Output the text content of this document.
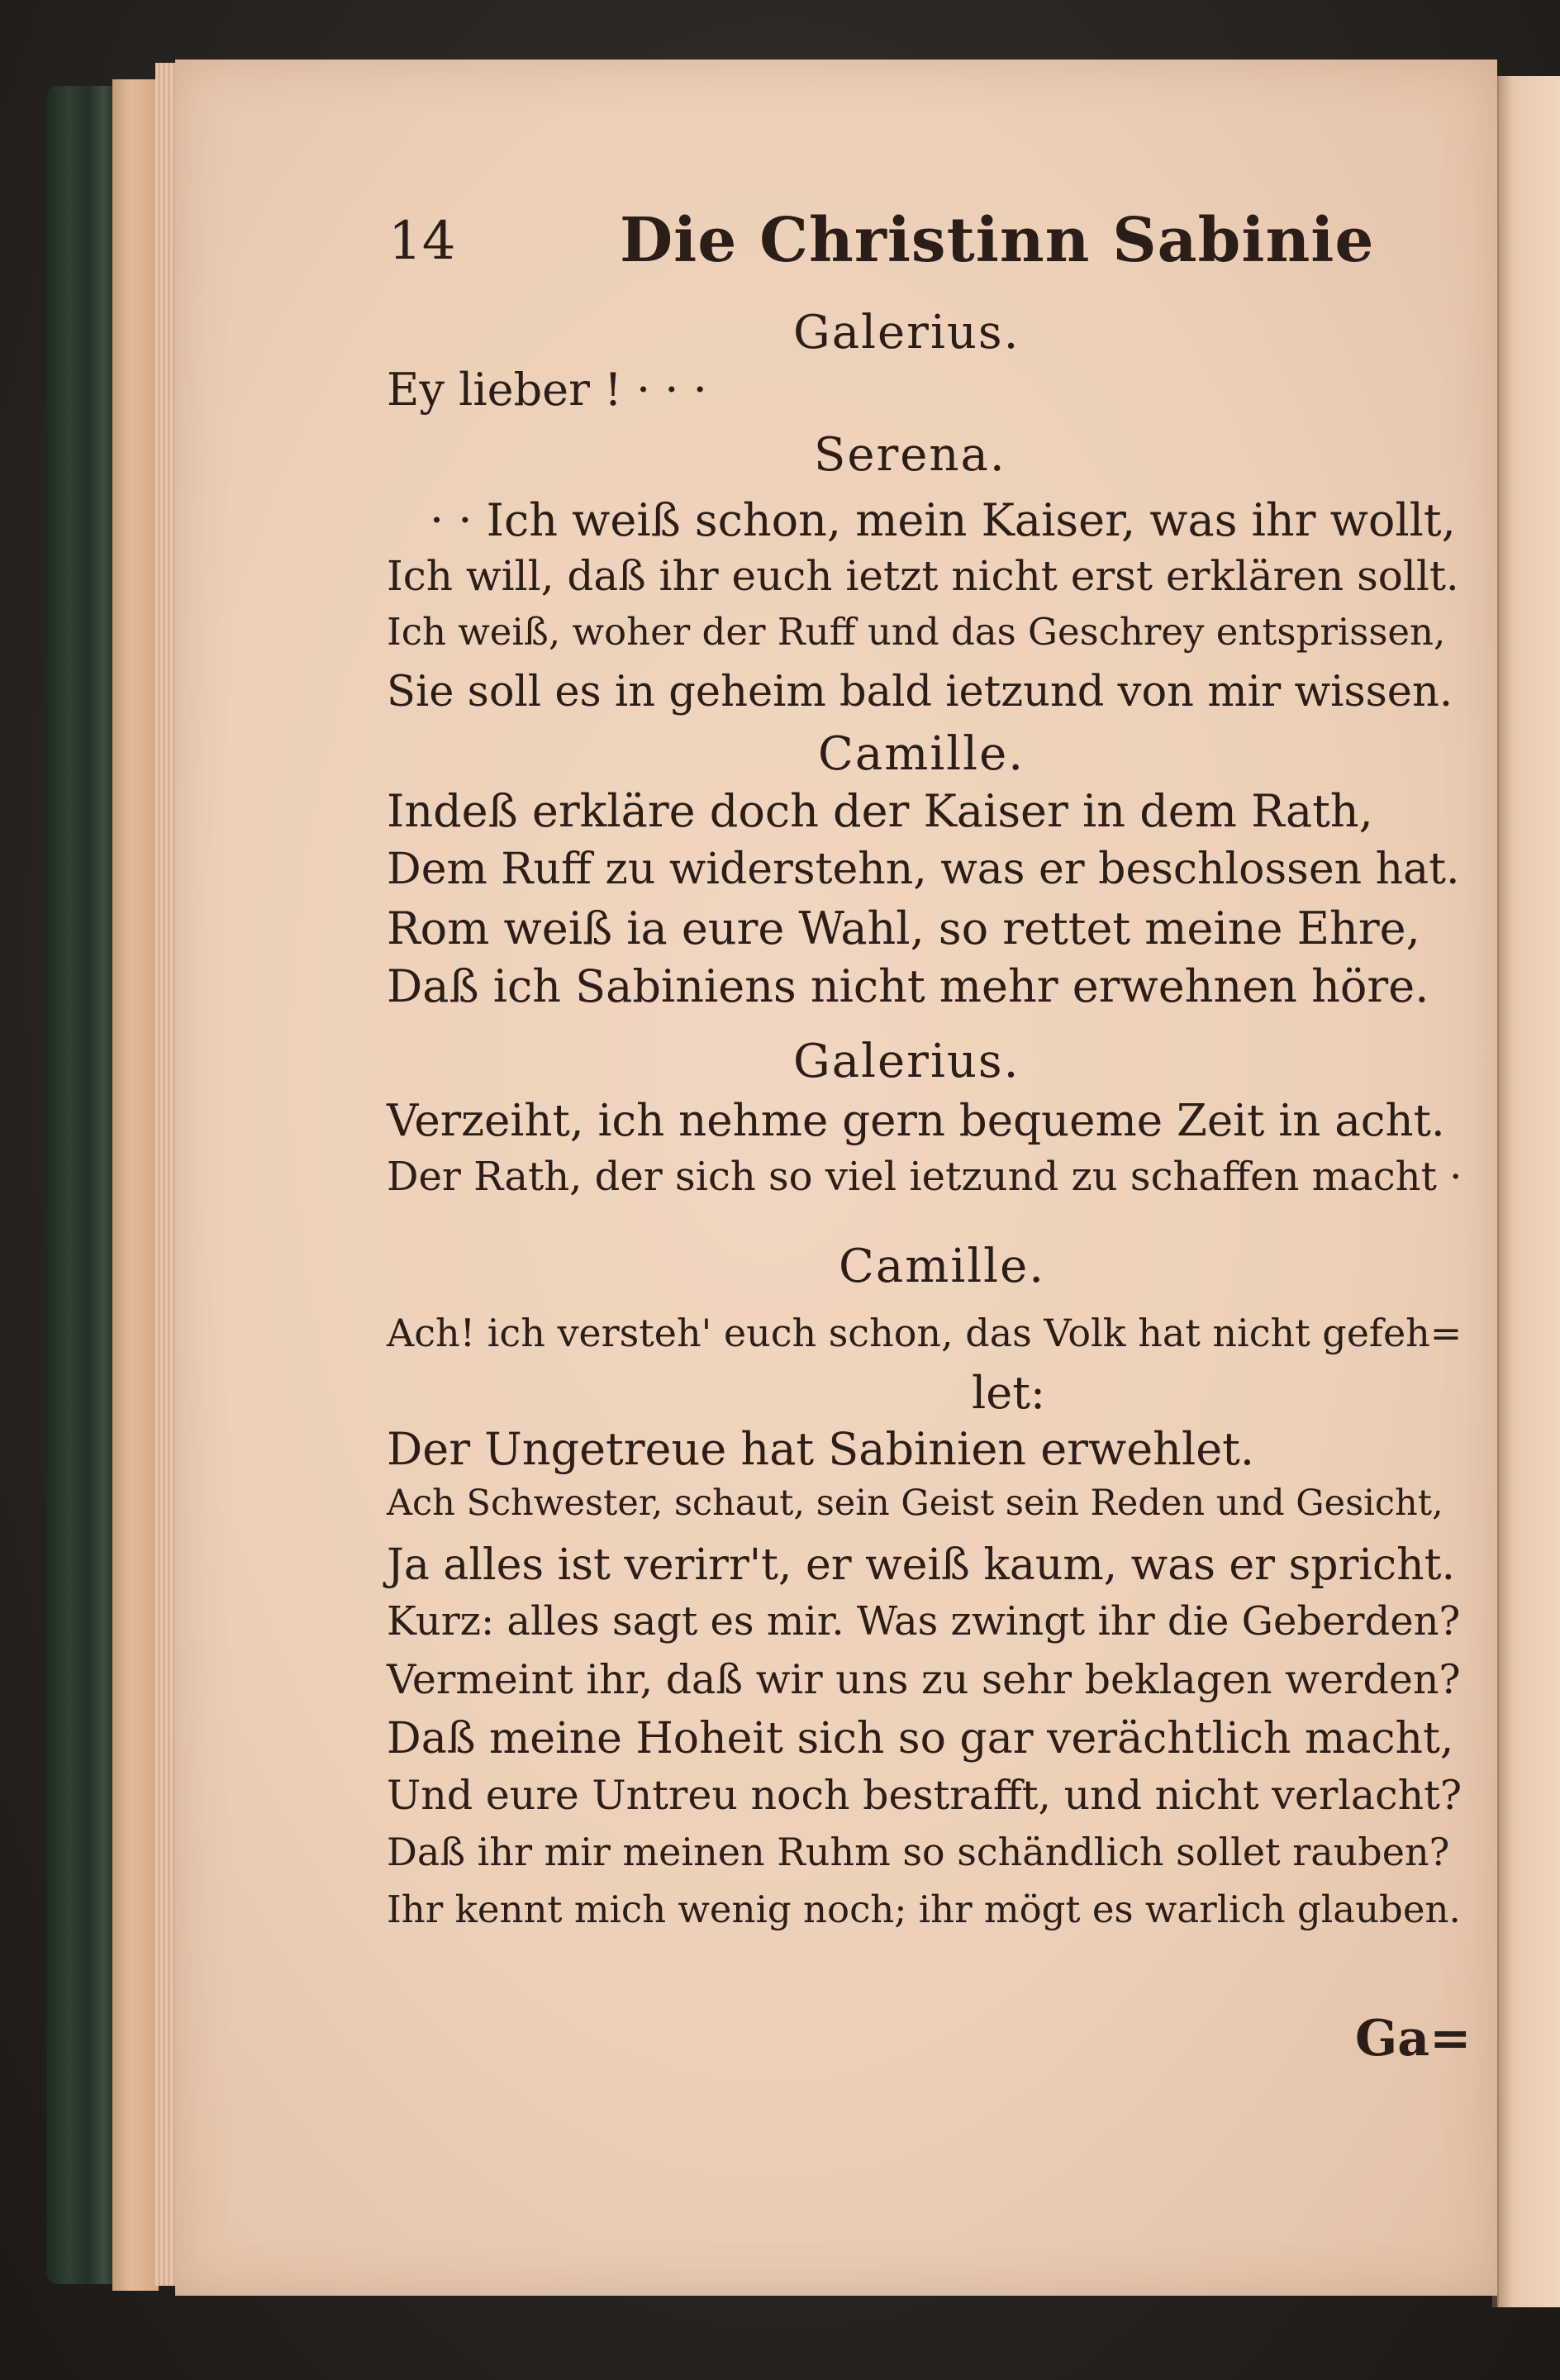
14	Die Christinn Sabinie
Galerius.
Ey lieber ! · · ·
Serena.
· · Ich weiß schon, mein Kaiser, was ihr wollt,
Ich will, daß ihr euch ietzt nicht erst erklären sollt.
Ich weiß, woher der Ruff und das Geschrey entsprissen,
Sie soll es in geheim bald ietzund von mir wissen.
Camille.
Indeß erkläre doch der Kaiser in dem Rath,
Dem Ruff zu widerstehn, was er beschlossen hat.
Rom weiß ia eure Wahl, so rettet meine Ehre,
Daß ich Sabiniens nicht mehr erwehnen höre.
Galerius.
Verzeiht, ich nehme gern bequeme Zeit in acht.
Der Rath, der sich so viel ietzund zu schaffen macht ·
Camille.
Ach! ich versteh' euch schon, das Volk hat nicht gefeh=
let:
Der Ungetreue hat Sabinien erwehlet.
Ach Schwester, schaut, sein Geist sein Reden und Gesicht,
Ja alles ist verirr't, er weiß kaum, was er spricht.
Kurz: alles sagt es mir. Was zwingt ihr die Geberden?
Vermeint ihr, daß wir uns zu sehr beklagen werden?
Daß meine Hoheit sich so gar verächtlich macht,
Und eure Untreu noch bestrafft, und nicht verlacht?
Daß ihr mir meinen Ruhm so schändlich sollet rauben?
Ihr kennt mich wenig noch; ihr mögt es warlich glauben.
Ga=
